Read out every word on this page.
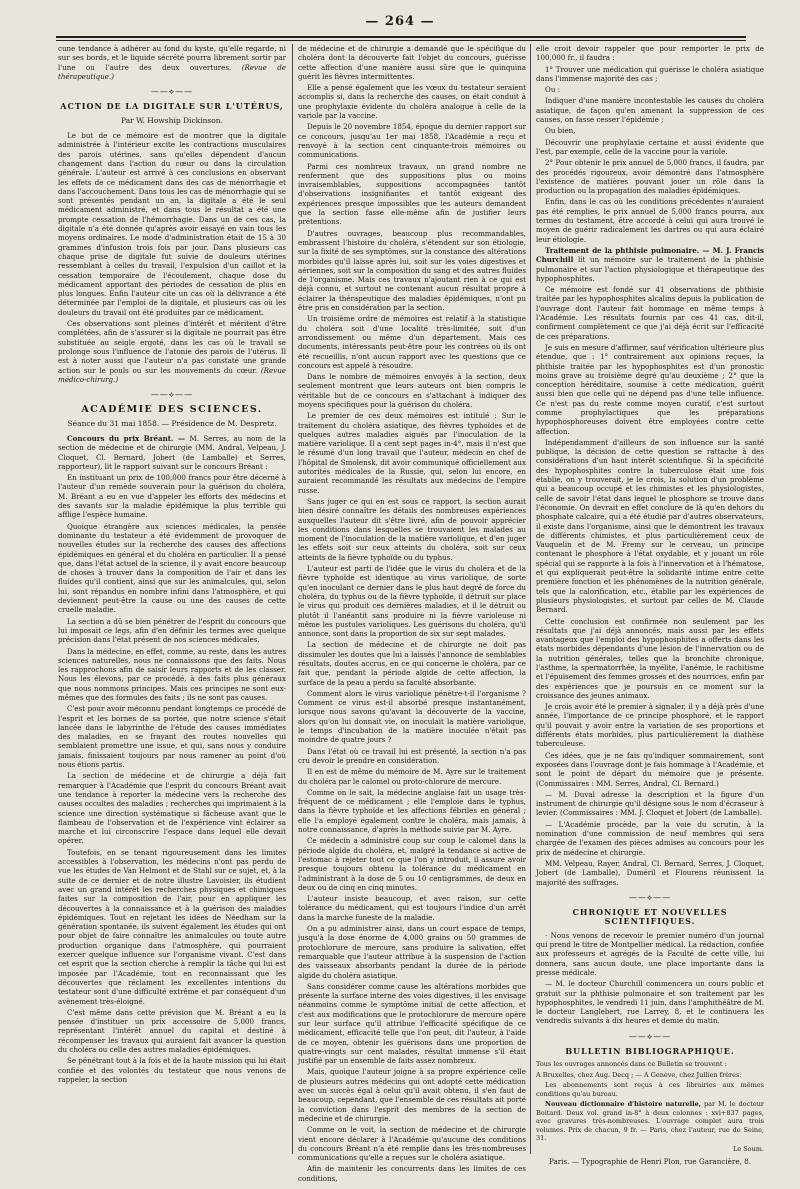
— 264 —

cune tendance à adhérer au fond du kyste, qu'elle regarde, ni sur ses bords, et le liquide sécrété pourra librement sortir par l'une ou l'autre des deux ouvertures. (Revue de thérapeutique.)

——⟡——
ACTION DE LA DIGITALE SUR L'UTÉRUS,
Par W. Howship Dickinson.

Le but de ce mémoire est de montrer que la digitale administrée à l'intérieur excite les contractions musculaires des parois utérines, sans qu'elles dépendent d'aucun changement dans l'action du cœur ou dans la circulation générale. L'auteur est arrivé à ces conclusions en observant les effets de ce médicament dans des cas de ménorrhagie et dans l'accouchement. Dans tous les cas de ménorrhagie qui se sont présentés pendant un an, la digitale a été le seul médicament administré, et dans tous le résultat a été une prompte cessation de l'hémorrhagie. Dans un de ces cas, la digitale n'a été donnée qu'après avoir essayé en vain tous les moyens ordinaires. Le mode d'administration était de 15 à 30 grammes d'infusion trois fois par jour. Dans plusieurs cas chaque prise de digitale fut suivie de douleurs utérines ressemblant à celles du travail, l'expulsion d'un caillot et la cessation temporaire de l'écoulement, chaque dose du médicament apportant des périodes de cessation de plus en plus longues. Enfin l'auteur cite un cas où la délivrance a été déterminée par l'emploi de la digitale, et plusieurs cas où les douleurs du travail ont été produites par ce médicament.

Ces observations sont pleines d'intérêt et méritent d'être complétées, afin de s'assurer si la digitale ne pourrait pas être substituée au seigle ergoté, dans les cas où le travail se prolonge sous l'influence de l'atonie des parois de l'utérus. Il est à noter aussi que l'auteur n'a pas constaté une grande action sur le pouls ou sur les mouvements du cœur. (Revue médico-chirurg.)

——⟡——
ACADÉMIE DES SCIENCES.
Séance du 31 mai 1858. — Présidence de M. Despretz.

Concours du prix Bréant. — M. Serres, au nom de la section de médecine et de chirurgie (MM. Andral, Velpeau, J. Cloquet, Cl. Bernard, Jobert (de Lamballe) et Serres, rapporteur), lit le rapport suivant sur le concours Bréant :

En instituant un prix de 100,000 francs pour être décerné à l'auteur d'un remède souverain pour la guérison du choléra, M. Bréant a eu en vue d'appeler les efforts des médecins et des savants sur la maladie épidémique la plus terrible qui afflige l'espèce humaine.

Quoique étrangère aux sciences médicales, la pensée dominante du testateur a été évidemment de provoquer de nouvelles études sur la recherche des causes des affections épidémiques en général et du choléra en particulier. Il a pensé que, dans l'état actuel de la science, il y avait encore beaucoup de choses à trouver dans la composition de l'air et dans les fluides qu'il contient, ainsi que sur les animalcules, qui, selon lui, sont répandus en nombre infini dans l'atmosphère, et qui deviennent peut-être la cause ou une des causes de cette cruelle maladie.

La section a dû se bien pénétrer de l'esprit du concours que lui imposait ce legs, afin d'en définir les termes avec quelque précision dans l'état présent de nos sciences médicales.

Dans la médecine, en effet, comme, au reste, dans les autres sciences naturelles, nous ne connaissons que des faits. Nous les rapprochons afin de saisir leurs rapports et de les classer. Nous les élevons, par ce procédé, à des faits plus généraux que nous nommons principes. Mais ces principes ne sont eux-mêmes que des formules des faits ; ils ne sont pas causes.

C'est pour avoir méconnu pendant longtemps ce procédé de l'esprit et les bornes de sa portée, que notre science s'était lancée dans le labyrinthe de l'étude des causes immédiates des maladies, en se frayant des routes nouvelles qui semblaient promettre une issue, et qui, sans nous y conduire jamais, finissaient toujours par nous ramener au point d'où nous étions partis.

La section de médecine et de chirurgie a déjà fait remarquer à l'Académie que l'esprit du concours Bréant avait une tendance à reporter la médecine vers la recherche des causes occultes des maladies ; recherches qui imprimaient à la science une direction systématique si fâcheuse avant que le flambeau de l'observation et de l'expérience vint éclairer sa marche et lui circonscrire l'espace dans lequel elle devait opérer.

Toutefois, en se tenant rigoureusement dans les limites accessibles à l'observation, les médecins n'ont pas perdu de vue les études de Van Helmont et de Stahl sur ce sujet, et, à la suite de ce dernier et de notre illustre Lavoisier, ils étudient avec un grand intérêt les recherches physiques et chimiques faites sur la composition de l'air, pour en appliquer les découvertes à la connaissance et à la guérison des maladies épidémiques. Tout en rejetant les idées de Néedham sur la génération spontanée, ils suivent également les études qui ont pour objet de faire connaître les animalcules ou toute autre production organique dans l'atmosphère, qui pourraient exercer quelque influence sur l'organisme vivant. C'est dans cet esprit que la section cherche à remplir la tâche qui lui est imposée par l'Académie, tout en reconnaissant que les découvertes que réclament les excellentes intentions du testateur sont d'une difficulté extrême et par conséquent d'un avènement très-éloigné.

C'est même dans cette prévision que M. Bréant a eu la pensée d'instituer un prix accessoire de 5,000 francs, représentant l'intérêt annuel du capital et destiné à récompenser les travaux qui auraient fait avancer la question du choléra ou celle des autres maladies épidémiques.

Se pénétrant tout à la fois et de la haute mission qui lui était confiée et des volontés du testateur que nous venons de rappeler, la section

de médecine et de chirurgie a demandé que le spécifique du choléra dont la découverte fait l'objet du concours, guérisse cette affection d'une manière aussi sûre que le quinquina guérit les fièvres intermittentes.

Elle a pensé également que les vœux du testateur seraient accomplis si, dans la recherche des causes, on était conduit à une prophylaxie évidente du choléra analogue à celle de la variole par la vaccine.

Depuis le 20 novembre 1854, époque du dernier rapport sur ce concours, jusqu'au 1er mai 1858, l'Académie a reçu et renvoyé à la section cent cinquante-trois mémoires ou communications.

Parmi ces nombreux travaux, un grand nombre ne renferment que des suppositions plus ou moins invraisemblables, suppositions accompagnées tantôt d'observations insignifiantes et tantôt exigeant des expériences presque impossibles que les auteurs demandent que la section fasse elle-même afin de justifier leurs prétentions.

D'autres ouvrages, beaucoup plus recommandables, embrassent l'histoire du choléra, s'étendent sur son étiologie, sur la fixité de ses symptômes, sur la constance des altérations morbides qu'il laisse après lui, soit sur les voies digestives et aériennes, soit sur la composition du sang et des autres fluides de l'organisme. Mais ces travaux n'ajoutant rien à ce qui est déjà connu, et surtout ne contenant aucun résultat propre à éclairer la thérapeutique des maladies épidémiques, n'ont pu être pris en considération par la section.

Un troisième ordre de mémoires est relatif à la statistique du choléra soit d'une localité très-limitée, soit d'un arrondissement ou même d'un département. Mais ces documents, intéressants peut-être pour les contrées où ils ont été recueillis, n'ont aucun rapport avec les questions que ce concours est appelé à résoudre.

Dans le nombre de mémoires envoyés à la section, deux seulement montrent que leurs auteurs ont bien compris le véritable but de ce concours en s'attachant à indiquer des moyens spécifiques pour la guérison du choléra.

Le premier de ces deux mémoires est intitulé : Sur le traitement du choléra asiatique, des fièvres typhoïdes et de quelques autres maladies aiguës par l'inoculation de la matière variolique. Il a cent sept pages in-4°, mais il n'est que le résumé d'un long travail que l'auteur, médecin en chef de l'hôpital de Smolensk, dit avoir communiqué officiellement aux autorités médicales de la Russie, qui, selon lui encore, en auraient recommandé les résultats aux médecins de l'empire russe.

Sans juger ce qui en est sous ce rapport, la section aurait bien désiré connaître les détails des nombreuses expériences auxquelles l'auteur dit s'être livré, afin de pouvoir apprécier les conditions dans lesquelles se trouvaient les malades au moment de l'inoculation de la matière variolique, et d'en juger les effets soit sur ceux atteints du choléra, soit sur ceux atteints de la fièvre typhoïde ou du typhus.

L'auteur est parti de l'idée que le virus du choléra et de la fièvre typhoïde est identique au virus variolique, de sorte qu'en inoculant ce dernier dans le plus haut degré de force du choléra, du typhus ou de la fièvre typhoïde, il détruit sur place le virus qui produit ces dernières maladies, et il le détruit ou plutôt il l'anéantit sans produire ni la fièvre varioleuse ni même les pustules varioliques. Les guérisons du choléra, qu'il annonce, sont dans la proportion de six sur sept malades.

La section de médecine et de chirurgie ne doit pas dissimuler les doutes que lui a laissés l'annonce de semblables résultats, doutes accrus, en ce qui concerne le choléra, par ce fait que, pendant la période algide de cette affection, la surface de la peau a perdu sa faculté absorbante.

Comment alors le virus variolique pénètre-t-il l'organisme ? Comment ce virus est-il absorbé presque instantanément, lorsque nous savons qu'avant la découverte de la vaccine, alors qu'on lui donnait vie, on inoculait la matière variolique, le temps d'incubation de la matière inoculée n'était pas moindre de quatre jours ?

Dans l'état où ce travail lui est présenté, la section n'a pas cru devoir le prendre en considération.

Il en est de même du mémoire de M. Ayre sur le traitement du choléra par le calomel ou proto-chlorure de mercure.

Comme on le sait, la médecine anglaise fait un usage très-fréquent de ce médicament ; elle l'emploie dans le typhus, dans la fièvre typhoïde et les affections fébriles en général ; elle l'a employé également contre le choléra, mais jamais, à notre connaissance, d'après la méthode suivie par M. Ayre.

Ce médecin a administré coup sur coup le calomel dans la période algide du choléra, et, malgré la tendance si active de l'estomac à rejeter tout ce que l'on y introduit, il assure avoir presque toujours obtenu la tolérance du médicament en l'administrant à la dose de 5 ou 10 centigrammes, de deux en deux ou de cinq en cinq minutes.

L'auteur insiste beaucoup, et avec raison, sur cette tolérance du médicament, qui est toujours l'indice d'un arrêt dans la marche funeste de la maladie.

On a pu administrer ainsi, dans un court espace de temps, jusqu'à la dose énorme de 4,000 grains ou 50 grammes de protochlorure de mercure, sans produire la salivation, effet remarquable que l'auteur attribue à la suspension de l'action des vaisseaux absorbants pendant la durée de la période algide du choléra asiatique.

Sans considérer comme cause les altérations morbides que présente la surface interne des voies digestives, il les envisage néanmoins comme le symptôme initial de cette affection, et c'est aux modifications que le protochlorure de mercure opère sur leur surface qu'il attribue l'efficacité spécifique de ce médicament, efficacité telle que l'on peut, dit l'auteur, à l'aide de ce moyen, obtenir les guérisons dans une proportion de quatre-vingts sur cent malades, résultat immense s'il était justifié par un ensemble de faits assez nombreux.

Mais, quoique l'auteur joigne à sa propre expérience celle de plusieurs autres médecins qui ont adopté cette médication avec un succès égal à celui qu'il avait obtenu, il s'en faut de beaucoup, cependant, que l'ensemble de ces résultats ait porté la conviction dans l'esprit des membres de la section de médecine et de chirurgie.

Comme on le voit, la section de médecine et de chirurgie vient encore déclarer à l'Académie qu'aucune des conditions du concours Bréant n'a été remplie dans les très-nombreuses communications qu'elle a reçues sur le choléra asiatique.

Afin de maintenir les concurrents dans les limites de ces conditions,

elle croit devoir rappeler que pour remporter le prix de 100,000 fr., il faudra :

1° Trouver une médication qui guérisse le choléra asiatique dans l'immense majorité des cas ;

Ou :

Indiquer d'une manière incontestable les causes du choléra asiatique, de façon qu'en amenant la suppression de ces causes, on fasse cesser l'épidémie ;

Ou bien,

Découvrir une prophylaxie certaine et aussi évidente que l'est, par exemple, celle de la vaccine pour la variole.

2° Pour obtenir le prix annuel de 5,000 francs, il faudra, par des procédés rigoureux, avoir démontré dans l'atmosphère l'existence de matières pouvant jouer un rôle dans la production ou la propagation des maladies épidémiques.

Enfin, dans le cas où les conditions précédentes n'auraient pas été remplies, le prix annuel de 5,000 francs pourra, aux termes du testament, être accordé à celui qui aura trouvé le moyen de guérir radicalement les dartres ou qui aura éclairé leur étiologie.

Traitement de la phthisie pulmonaire. — M. J. Francis Churchill lit un mémoire sur le traitement de la phthisie pulmonaire et sur l'action physiologique et thérapeutique des hypophosphites.

Ce mémoire est fondé sur 41 observations de phthisie traitée par les hypophosphites alcalins depuis la publication de l'ouvrage dont l'auteur fait hommage en même temps à l'Académie. Les résultats fournis par ces 41 cas, dit-il, confirment complètement ce que j'ai déjà écrit sur l'efficacité de ces préparations.

Je suis en mesure d'affirmer, sauf vérification ultérieure plus étendue, que : 1° contrairement aux opinions reçues, la phthisie traitée par les hypophosphites est d'un pronostic moins grave au troisième degré qu'au deuxième ; 2° que la conception héréditaire, soumise à cette médication, guérit aussi bien que celle qui ne dépend pas d'une telle influence. Ce n'est pas du reste comme moyen curatif, c'est surtout comme prophylactiques que les préparations hypophosphoreuses doivent être employées contre cette affection.

Indépendamment d'ailleurs de son influence sur la santé publique, la décision de cette question se rattache à des considérations d'un haut intérêt scientifique. Si la spécificité des hypophosphites contre la tuberculose était une fois établie, on y trouverait, je le crois, la solution d'un problème qui a beaucoup occupé et les chimistes et les physiologistes, celle de savoir l'état dans lequel le phosphore se trouve dans l'économie. On devrait en effet conclure de là qu'en dehors du phosphate calcaire, qui a été étudié par d'autres observateurs, il existe dans l'organisme, ainsi que le démontrent les travaux de différents chimistes, et plus particulièrement ceux de Vauquelin et de M. Fremy sur le cerveau, un principe contenant le phosphore à l'état oxydable, et y jouant un rôle spécial qui se rapporte à la fois à l'innervation et à l'hématose, et qui expliquerait peut-être la solidarité intime entre cette première fonction et les phénomènes de la nutrition générale, tels que la calorification, etc., établie par les expériences de plusieurs physiologistes, et surtout par celles de M. Claude Bernard.

Cette conclusion est confirmée non seulement par les résultats que j'ai déjà annoncés, mais aussi par les effets avantageux que l'emploi des hypophosphites a offerts dans les états morbides dépendants d'une lésion de l'innervation ou de la nutrition générales, telles que la bronchite chronique, l'asthme, la spermatorrhée, la myélite, l'anémie, le rachitisme et l'épuisement des femmes grosses et des nourrices, enfin par des expériences que je poursuis en ce moment sur la croissance des jeunes animaux.

Je crois avoir été le premier à signaler, il y a déjà près d'une année, l'importance de ce principe phosphoré, et le rapport qu'il pouvait y avoir entre la variation de ses proportions et différents états morbides, plus particulièrement la diathèse tuberculeuse.

Ces idées, que je ne fais qu'indiquer sommairement, sont exposées dans l'ouvrage dont je fais hommage à l'Académie, et sont le point de départ du mémoire que je présente. (Commissaires : MM. Serres, Andral, Cl. Bernard.)

— M. Duval adresse la description et la figure d'un instrument de chirurgie qu'il désigne sous le nom d'écraseur à levier. (Commissaires : MM. J. Cloquet et Jobert (de Lamballe).

— L'Académie procède, par la voie du scrutin, à la nomination d'une commission de neuf membres qui sera chargée de l'examen des pièces admises au concours pour les prix de médecine et chirurgie.

MM. Velpeau, Rayer, Andral, Cl. Bernard, Serres, J. Cloquet, Jobert (de Lamballe), Duméril et Flourens réunissent la majorité des suffrages.

——⟡——
CHRONIQUE ET NOUVELLES SCIENTIFIQUES.

· Nous venons de recevoir le premier numéro d'un journal qui prend le titre de Montpellier médical. La rédaction, confiée aux professeurs et agrégés de la Faculté de cette ville, lui donnera, sans aucun doute, une place importante dans la presse médicale.

— M. le docteur Churchill commencera un cours public et gratuit sur la phthisie pulmonaire et son traitement par les hypophosphites, le vendredi 11 juin, dans l'amphithéâtre de M. le docteur Langlebert, rue Larrey, 8, et le continuera les vendredis suivants à dix heures et demie du matin.

——⟡——
BULLETIN BIBLIOGRAPHIQUE.

Tous les ouvrages annoncés dans ce Bulletin se trouvent :

A Bruxelles, chez Aug. Decq ; — A Genève, chez Jullien frères.

Les abonnements sont reçus à ces librairies aux mêmes conditions qu'au bureau.

Nouveau dictionnaire d'histoire naturelle, par M. le docteur Boitard. Deux vol. grand in-8° à deux colonnes : xvi+837 pages, avec gravures très-nombreuses. L'ouvrage complet aura trois volumes. Prix de chacun, 9 fr. — Paris, chez l'auteur, rue de Seine, 31.

Le Soum.
Paris. — Typographie de Henri Plon, rue Garancière, 8.
